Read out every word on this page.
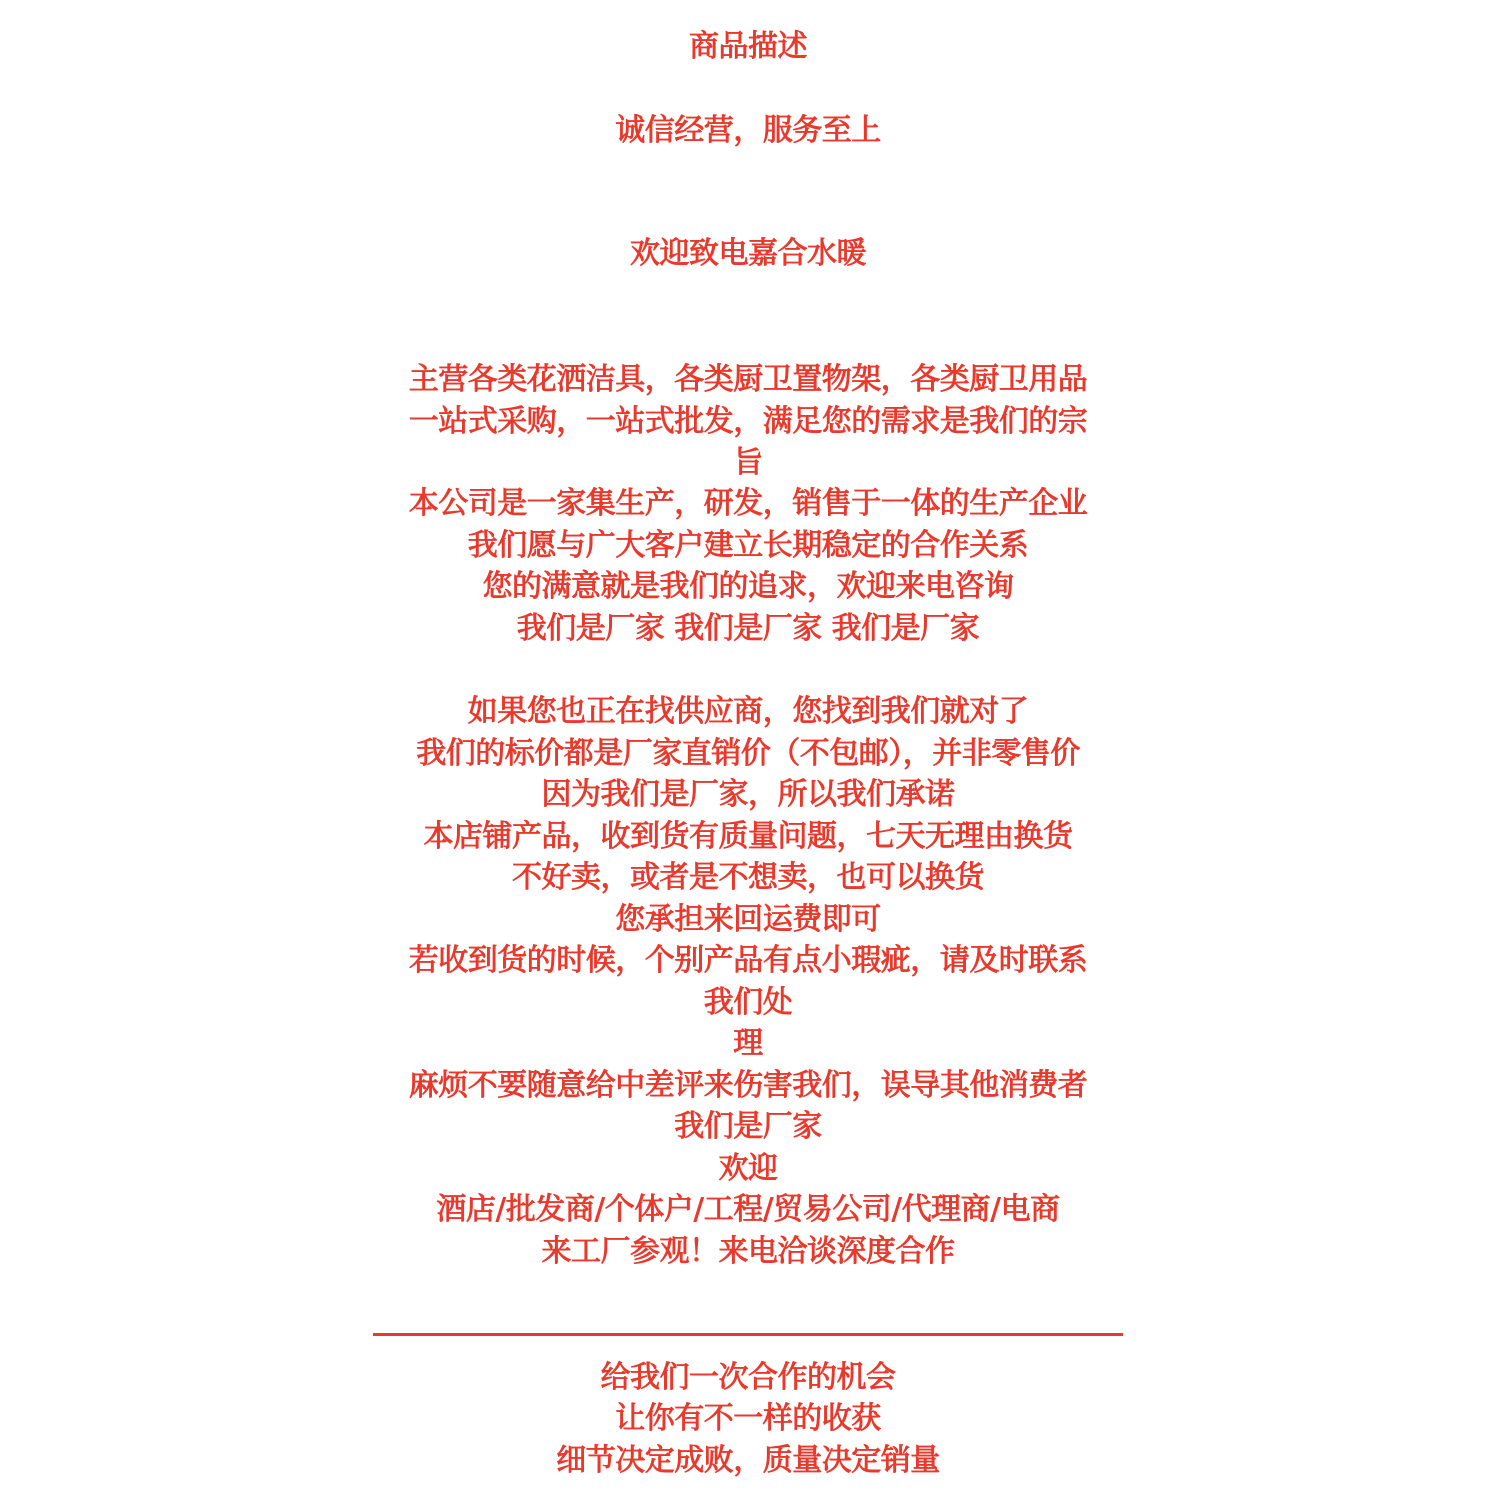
商品描述
诚信经营，服务至上
欢迎致电嘉合水暖
主营各类花洒洁具，各类厨卫置物架，各类厨卫用品
一站式采购，一站式批发，满足您的需求是我们的宗
旨
本公司是一家集生产，研发，销售于一体的生产企业
我们愿与广大客户建立长期稳定的合作关系
您的满意就是我们的追求，欢迎来电咨询
我们是厂家 我们是厂家 我们是厂家
如果您也正在找供应商，您找到我们就对了
我们的标价都是厂家直销价（不包邮），并非零售价
因为我们是厂家，所以我们承诺
本店铺产品，收到货有质量问题，七天无理由换货
不好卖，或者是不想卖，也可以换货
您承担来回运费即可
若收到货的时候，个别产品有点小瑕疵，请及时联系
我们处
理
麻烦不要随意给中差评来伤害我们，误导其他消费者
我们是厂家
欢迎
酒店/批发商/个体户/工程/贸易公司/代理商/电商
来工厂参观！来电洽谈深度合作
给我们一次合作的机会
让你有不一样的收获
细节决定成败，质量决定销量
